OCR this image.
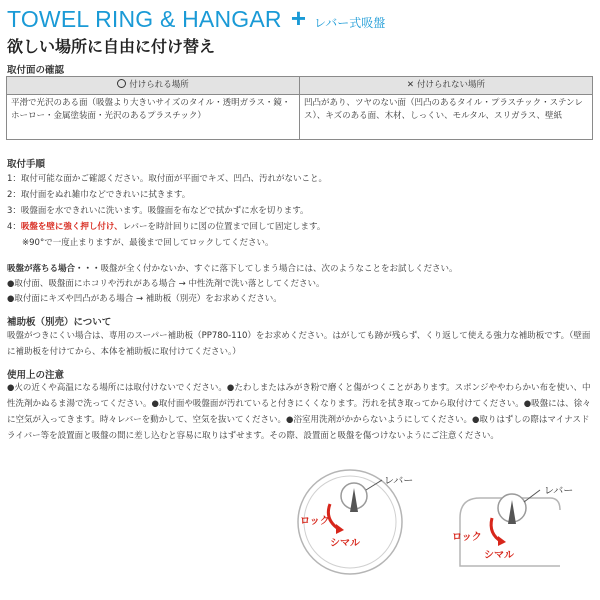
TOWEL RING & HANGAR + レバー式吸盤
欲しい場所に自由に付け替え
取付面の確認
付けられる場所	✕ 付けられない場所
平滑で光沢のある面（吸盤より大きいサイズのタイル・透明ガラス・鏡・ホーロー・金属塗装面・光沢のあるプラスチック）	凹凸があり、ツヤのない面（凹凸のあるタイル・プラスチック・ステンレス）、キズのある面、木材、しっくい、モルタル、スリガラス、壁紙
取付手順
1：取付可能な面かご確認ください。取付面が平面でキズ、凹凸、汚れがないこと。
2：取付面をぬれ雑巾などできれいに拭きます。
3：吸盤面を水できれいに洗います。吸盤面を布などで拭かずに水を切ります。
4：吸盤を壁に強く押し付け、レバーを時計回りに図の位置まで回して固定します。
※90°で一度止まりますが、最後まで回してロックしてください。
吸盤が落ちる場合・・・吸盤が全く付かないか、すぐに落下してしまう場合には、次のようなことをお試しください。
●取付面、吸盤面にホコリや汚れがある場合 → 中性洗剤で洗い落としてください。
●取付面にキズや凹凸がある場合 → 補助板（別売）をお求めください。
補助板（別売）について
吸盤がつきにくい場合は、専用のスーパー補助板（PP780-110）をお求めください。はがしても跡が残らず、くり返して使える強力な補助板です。（壁面に補助板を付けてから、本体を補助板に取付けてください。）
使用上の注意
●火の近くや高温になる場所には取付けないでください。●たわしまたはみがき粉で磨くと傷がつくことがあります。スポンジややわらかい布を使い、中性洗剤かぬるま湯で洗ってください。●取付面や吸盤面が汚れていると付きにくくなります。汚れを拭き取ってから取付けてください。●吸盤には、徐々に空気が入ってきます。時々レバーを動かして、空気を抜いてください。●浴室用洗剤がかからないようにしてください。●取りはずしの際はマイナスドライバー等を設置面と吸盤の間に差し込むと容易に取りはずせます。その際、設置面と吸盤を傷つけないようにご注意ください。
レバー
ロック
シマル
レバー
ロック
シマル
